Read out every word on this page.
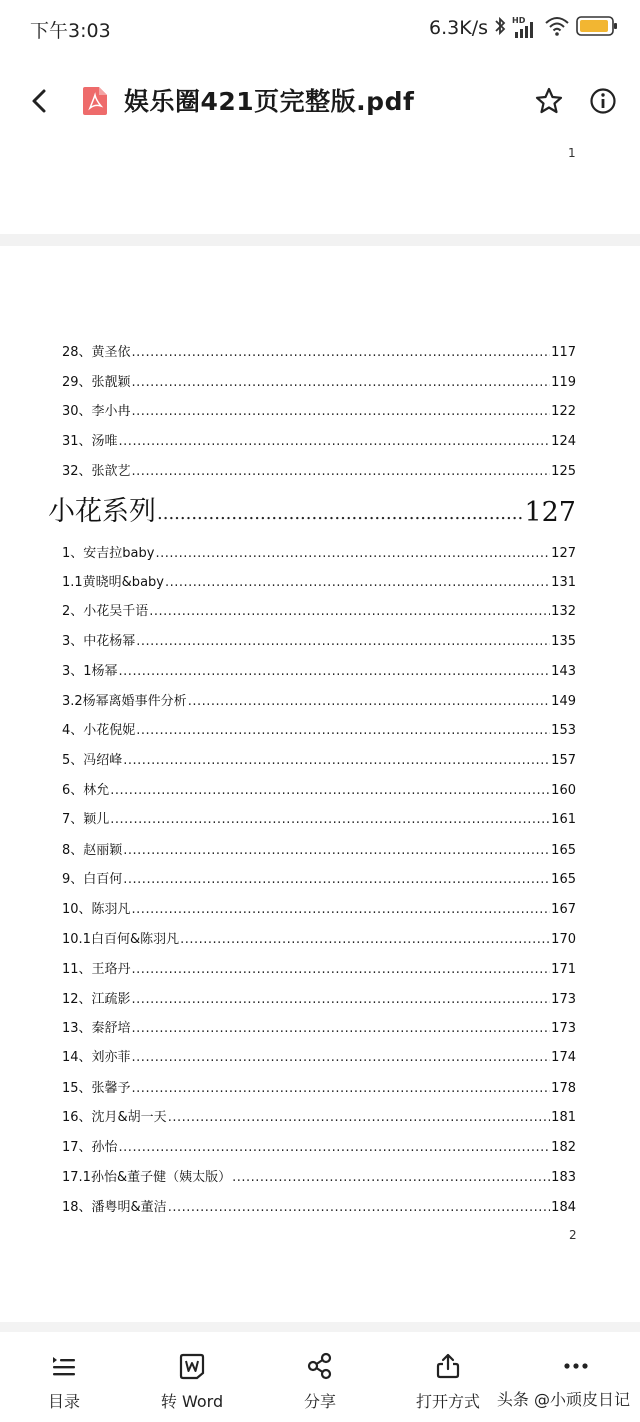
下午3:03	6.3K/s	HD
娱乐圈421页完整版.pdf
1
28、黄圣依 .....	117
29、张靓颖 .....	119
30、李小冉 .....	122
31、汤唯 .....	124
32、张歆艺 .....	125
小花系列 .....	127
1、安吉拉baby .....	127
1.1黄晓明&baby .....	131
2、小花吴千语 .....	132
3、中花杨幂 .....	135
3、1杨幂 .....	143
3.2杨幂离婚事件分析 .....	149
4、小花倪妮 .....	153
5、冯绍峰 .....	157
6、林允 .....	160
7、颖儿 .....	161
8、赵丽颖 .....	165
9、白百何 .....	165
10、陈羽凡 .....	167
10.1白百何&陈羽凡 .....	170
11、王珞丹 .....	171
12、江疏影 .....	173
13、秦舒培 .....	173
14、刘亦菲 .....	174
15、张馨予 .....	178
16、沈月&胡一天 .....	181
17、孙怡 .....	182
17.1孙怡&董子健（姨太版） .....	183
18、潘粤明&董洁 .....	184
2
目录	转 Word	分享	打开方式	头条 @小顽皮日记
